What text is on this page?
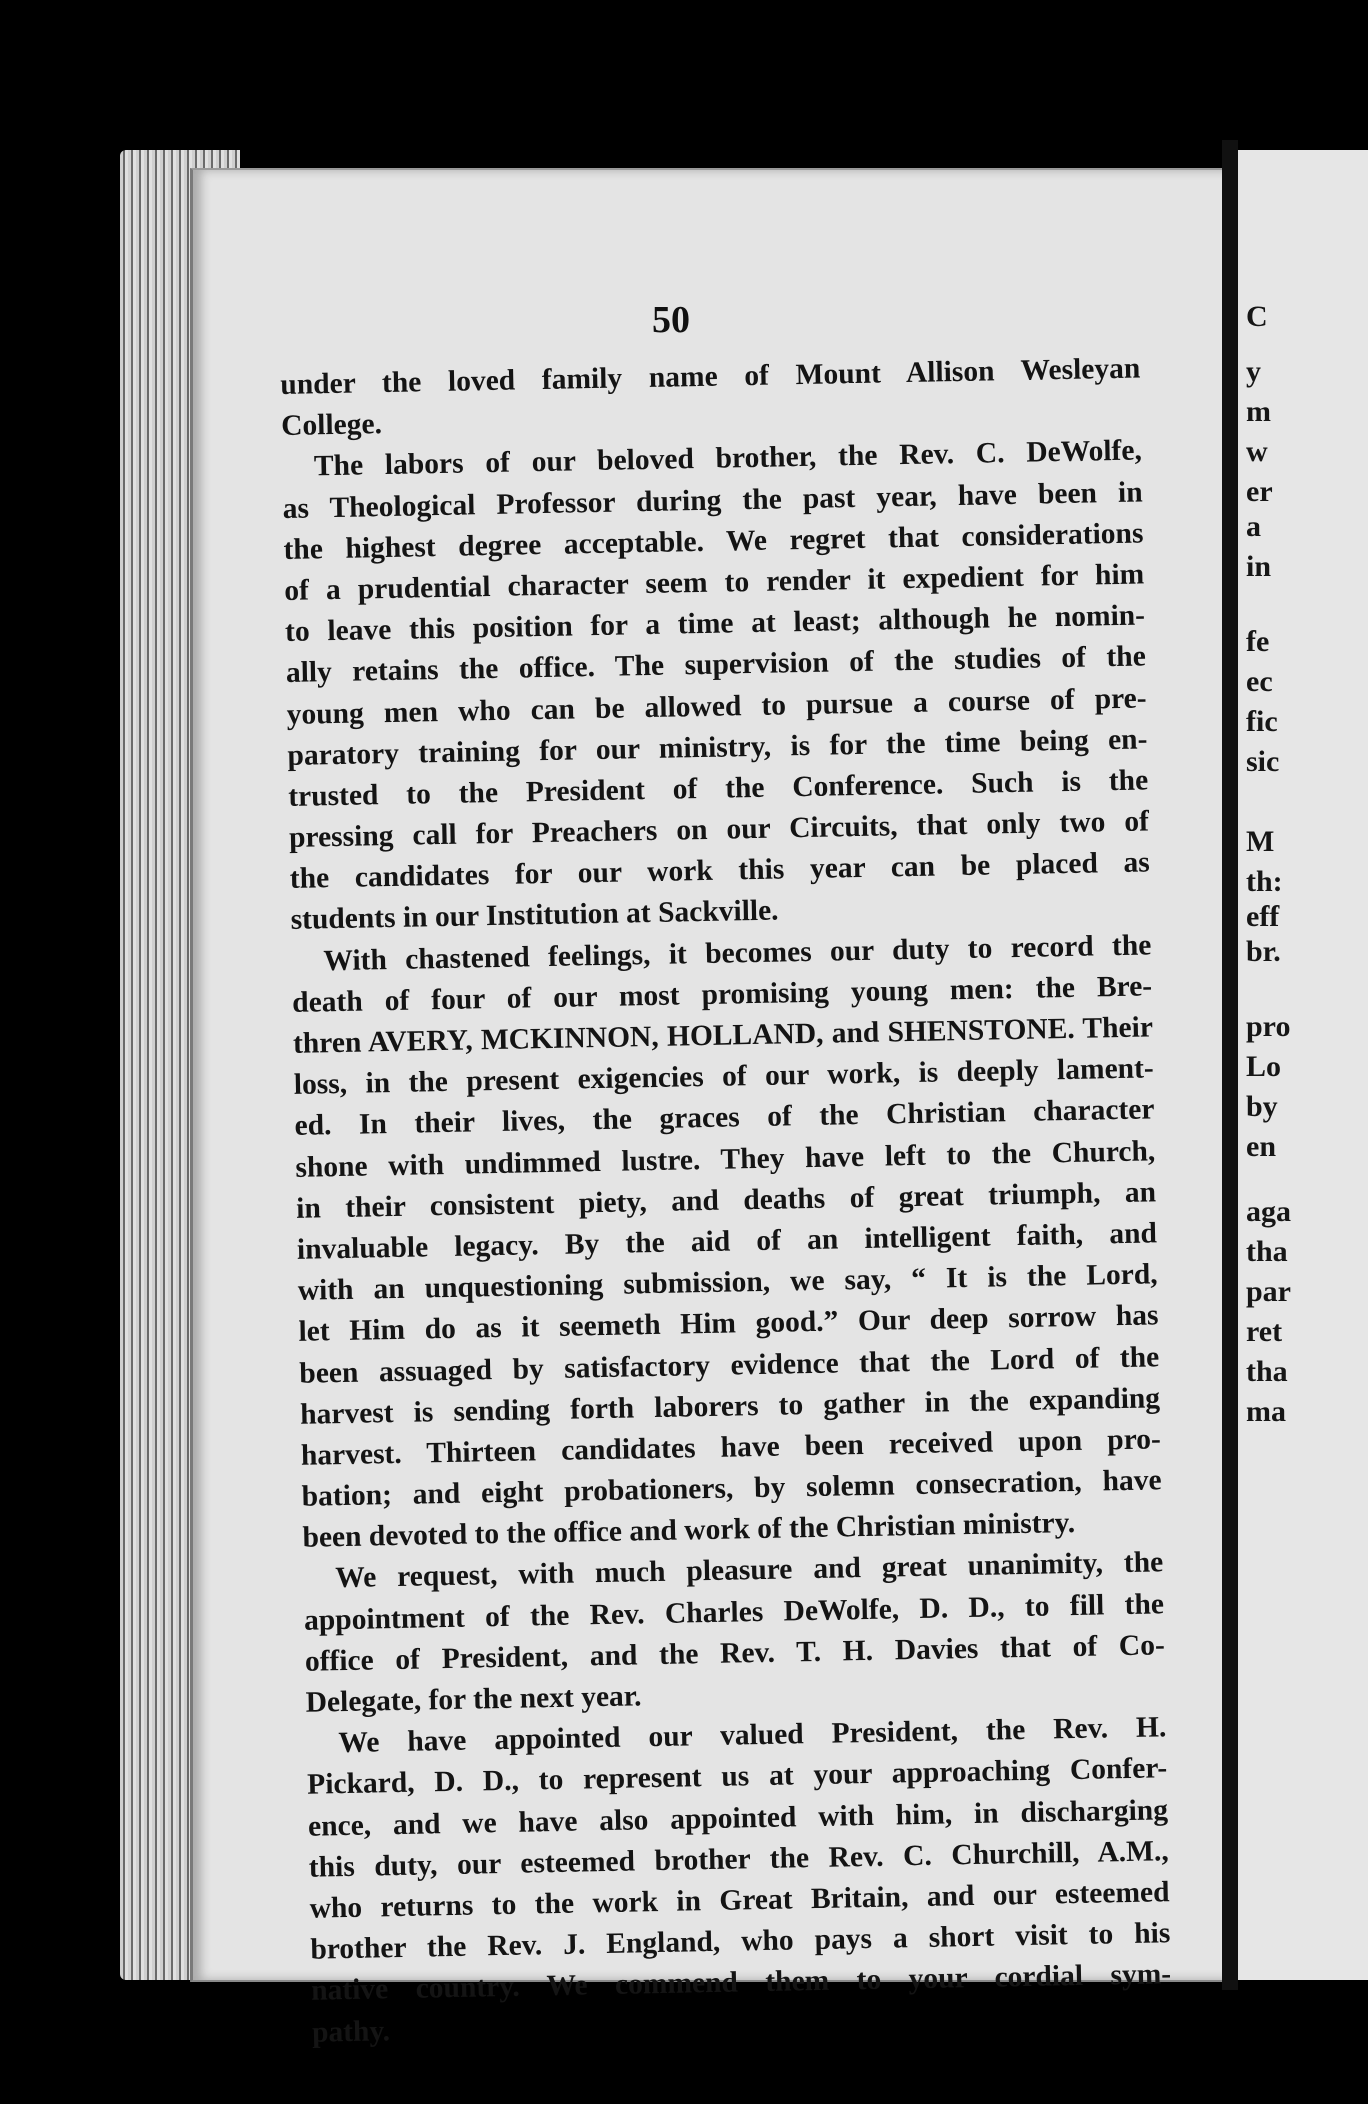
C
y
m
w
er
a
in
fe
ec
fic
sic
M
th:
eff
br.
pro
Lo
by
en
aga
tha
par
ret
tha
ma
50
under the loved family name of Mount Allison Wesleyan
College.
The labors of our beloved brother, the Rev. C. DeWolfe,
as Theological Professor during the past year, have been in
the highest degree acceptable. We regret that considerations
of a prudential character seem to render it expedient for him
to leave this position for a time at least; although he nomin-
ally retains the office. The supervision of the studies of the
young men who can be allowed to pursue a course of pre-
paratory training for our ministry, is for the time being en-
trusted to the President of the Conference. Such is the
pressing call for Preachers on our Circuits, that only two of
the candidates for our work this year can be placed as
students in our Institution at Sackville.
With chastened feelings, it becomes our duty to record the
death of four of our most promising young men: the Bre-
thren AVERY, MCKINNON, HOLLAND, and SHENSTONE. Their
loss, in the present exigencies of our work, is deeply lament-
ed. In their lives, the graces of the Christian character
shone with undimmed lustre. They have left to the Church,
in their consistent piety, and deaths of great triumph, an
invaluable legacy. By the aid of an intelligent faith, and
with an unquestioning submission, we say, “ It is the Lord,
let Him do as it seemeth Him good.” Our deep sorrow has
been assuaged by satisfactory evidence that the Lord of the
harvest is sending forth laborers to gather in the expanding
harvest. Thirteen candidates have been received upon pro-
bation; and eight probationers, by solemn consecration, have
been devoted to the office and work of the Christian ministry.
We request, with much pleasure and great unanimity, the
appointment of the Rev. Charles DeWolfe, D. D., to fill the
office of President, and the Rev. T. H. Davies that of Co-
Delegate, for the next year.
We have appointed our valued President, the Rev. H.
Pickard, D. D., to represent us at your approaching Confer-
ence, and we have also appointed with him, in discharging
this duty, our esteemed brother the Rev. C. Churchill, A.M.,
who returns to the work in Great Britain, and our esteemed
brother the Rev. J. England, who pays a short visit to his
native country. We commend them to your cordial sym-
pathy.
